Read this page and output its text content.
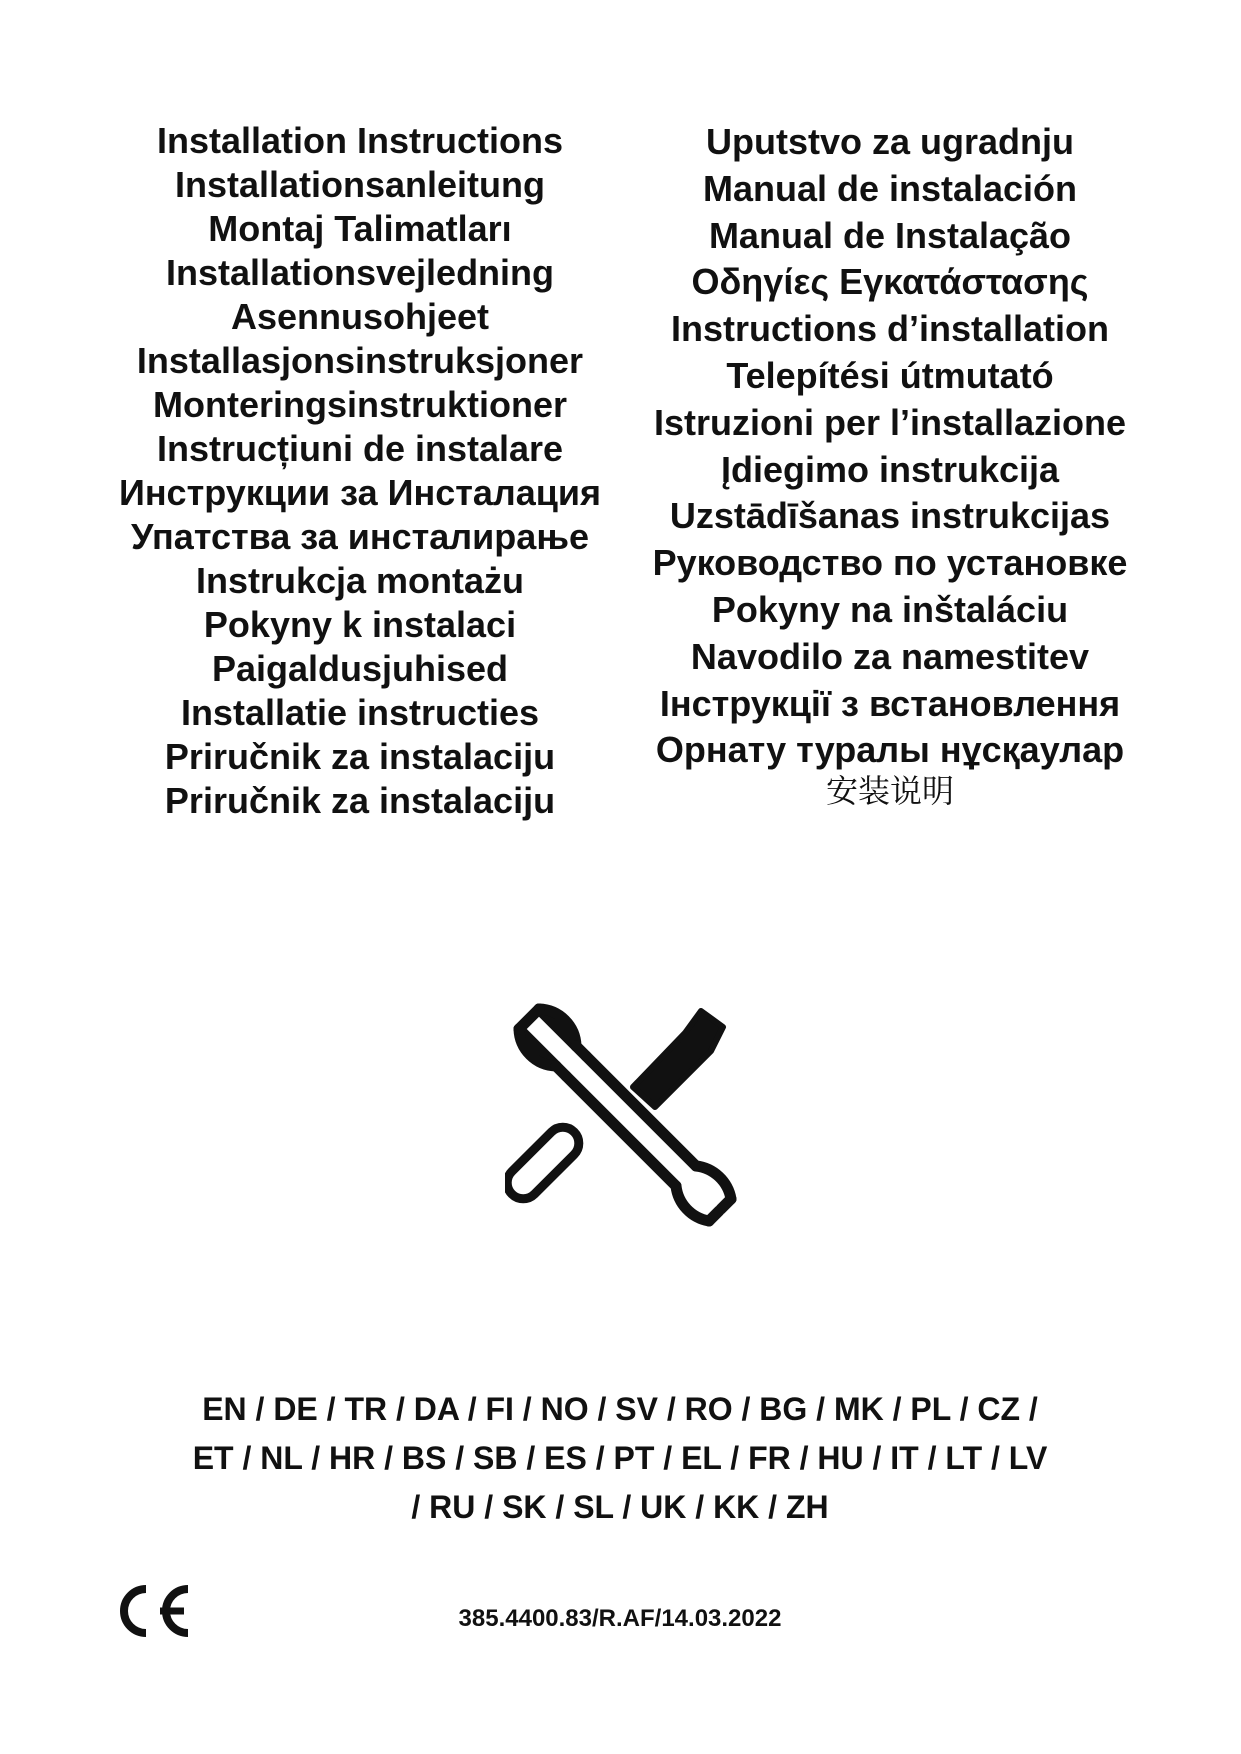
Installation Instructions
Installationsanleitung
Montaj Talimatları
Installationsvejledning
Asennusohjeet
Installasjonsinstruksjoner
Monteringsinstruktioner
Instrucțiuni de instalare
Инструкции за Инсталация
Упатства за инсталирање
Instrukcja montażu
Pokyny k instalaci
Paigaldusjuhised
Installatie instructies
Priručnik za instalaciju
Priručnik za instalaciju
Uputstvo za ugradnju
Manual de instalación
Manual de Instalação
Οδηγίες Εγκατάστασης
Instructions d’installation
Telepítési útmutató
Istruzioni per l’installazione
Įdiegimo instrukcija
Uzstādīšanas instrukcijas
Руководство по установке
Pokyny na inštaláciu
Navodilo za namestitev
Інструкції з встановлення
Орнату туралы нұсқаулар
安装说明
EN / DE / TR / DA / FI / NO / SV / RO / BG / MK / PL / CZ /
ET / NL / HR / BS / SB / ES / PT / EL / FR / HU / IT / LT / LV
/ RU / SK / SL / UK / KK / ZH
385.4400.83/R.AF/14.03.2022
